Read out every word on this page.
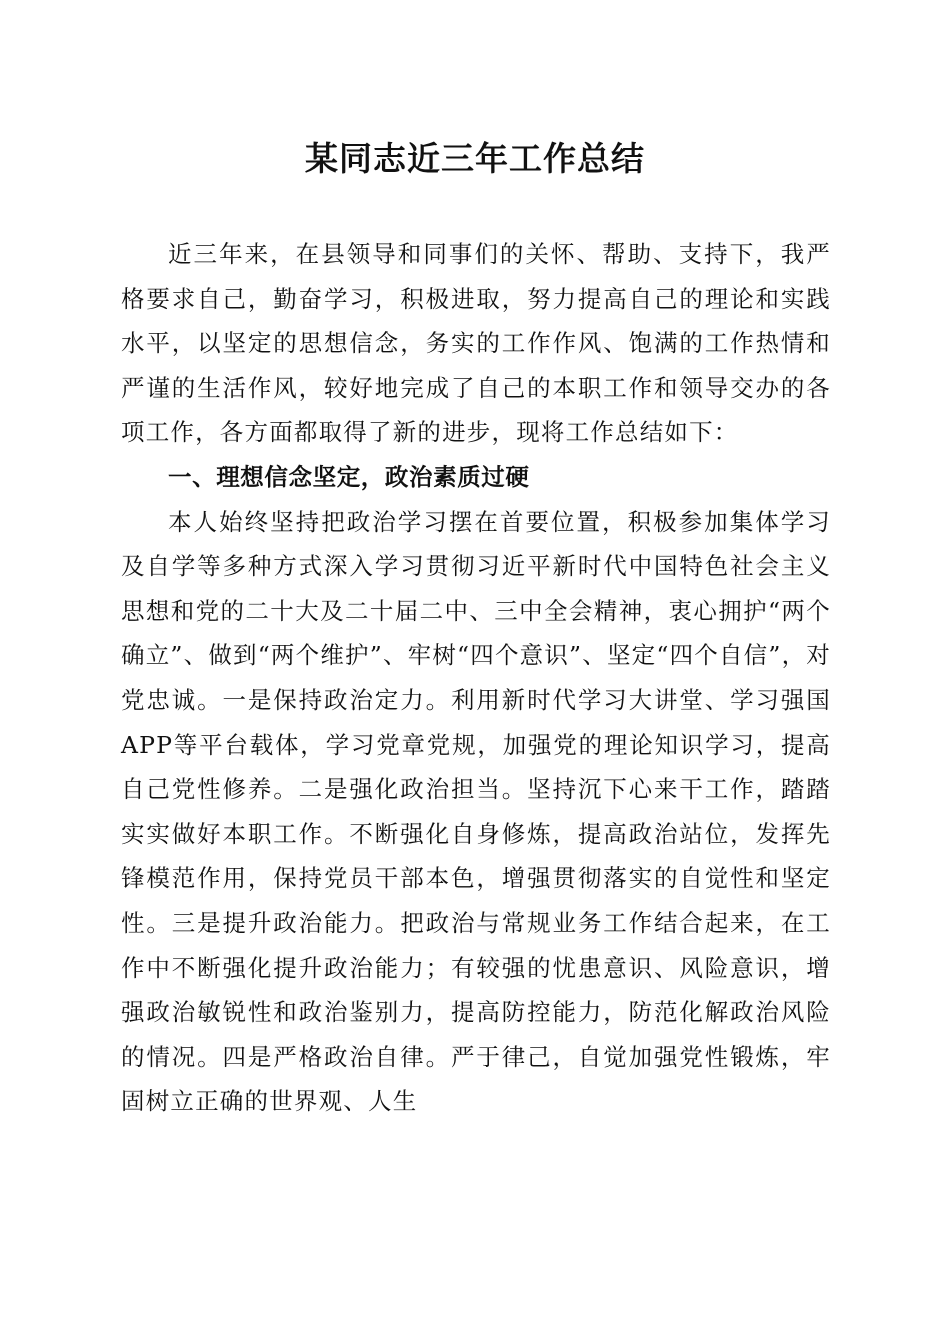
某同志近三年工作总结

近三年来，在县领导和同事们的关怀、帮助、支持下，我严格要求自己，勤奋学习，积极进取，努力提高自己的理论和实践水平，以坚定的思想信念，务实的工作作风、饱满的工作热情和严谨的生活作风，较好地完成了自己的本职工作和领导交办的各项工作，各方面都取得了新的进步，现将工作总结如下：

一、理想信念坚定，政治素质过硬

本人始终坚持把政治学习摆在首要位置，积极参加集体学习及自学等多种方式深入学习贯彻习近平新时代中国特色社会主义思想和党的二十大及二十届二中、三中全会精神，衷心拥护“两个确立”、做到“两个维护”、牢树“四个意识”、坚定“四个自信”，对党忠诚。一是保持政治定力。利用新时代学习大讲堂、学习强国APP等平台载体，学习党章党规，加强党的理论知识学习，提高自己党性修养。二是强化政治担当。坚持沉下心来干工作，踏踏实实做好本职工作。不断强化自身修炼，提高政治站位，发挥先锋模范作用，保持党员干部本色，增强贯彻落实的自觉性和坚定性。三是提升政治能力。把政治与常规业务工作结合起来，在工作中不断强化提升政治能力；有较强的忧患意识、风险意识，增强政治敏锐性和政治鉴别力，提高防控能力，防范化解政治风险的情况。四是严格政治自律。严于律己，自觉加强党性锻炼，牢固树立正确的世界观、人生
